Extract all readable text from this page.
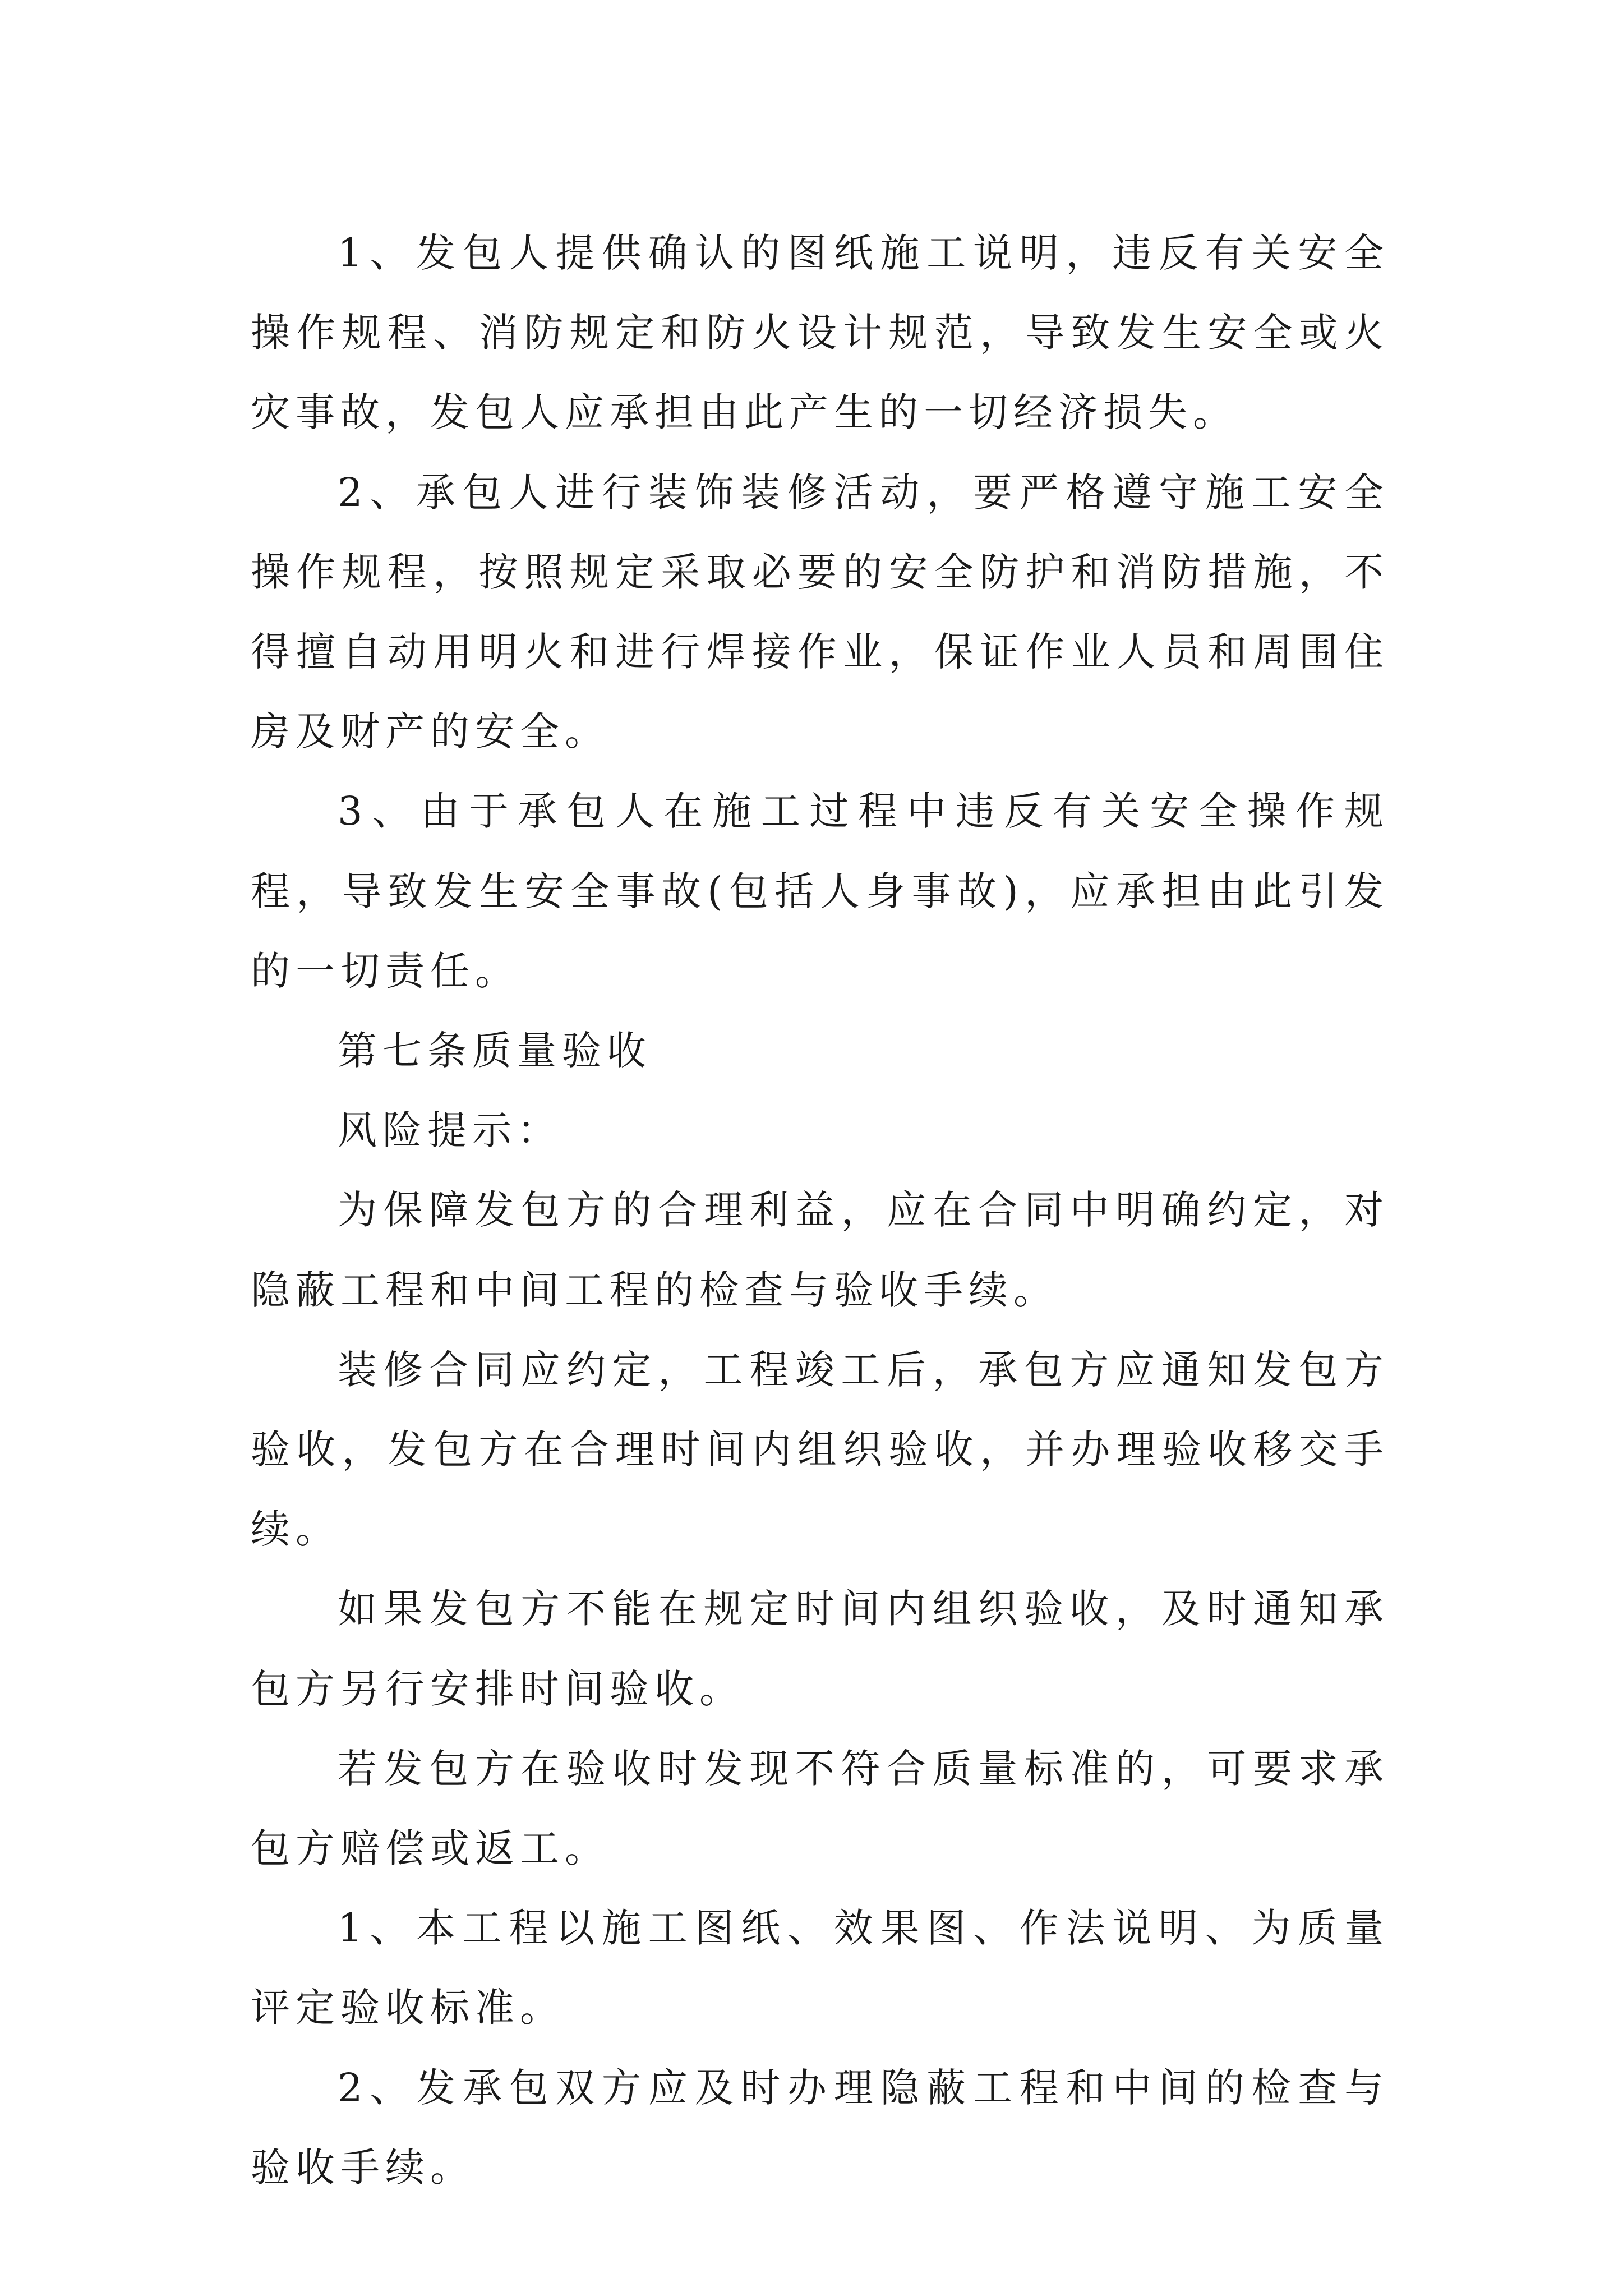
1、发包人提供确认的图纸施工说明，违反有关安全操作规程、消防规定和防火设计规范，导致发生安全或火灾事故，发包人应承担由此产生的一切经济损失。

2、承包人进行装饰装修活动，要严格遵守施工安全操作规程，按照规定采取必要的安全防护和消防措施，不得擅自动用明火和进行焊接作业，保证作业人员和周围住房及财产的安全。

3、由于承包人在施工过程中违反有关安全操作规程，导致发生安全事故(包括人身事故)，应承担由此引发的一切责任。

第七条质量验收

风险提示：

为保障发包方的合理利益，应在合同中明确约定，对隐蔽工程和中间工程的检查与验收手续。

装修合同应约定，工程竣工后，承包方应通知发包方验收，发包方在合理时间内组织验收，并办理验收移交手续。

如果发包方不能在规定时间内组织验收，及时通知承包方另行安排时间验收。

若发包方在验收时发现不符合质量标准的，可要求承包方赔偿或返工。

1、本工程以施工图纸、效果图、作法说明、为质量评定验收标准。

2、发承包双方应及时办理隐蔽工程和中间的检查与验收手续。
